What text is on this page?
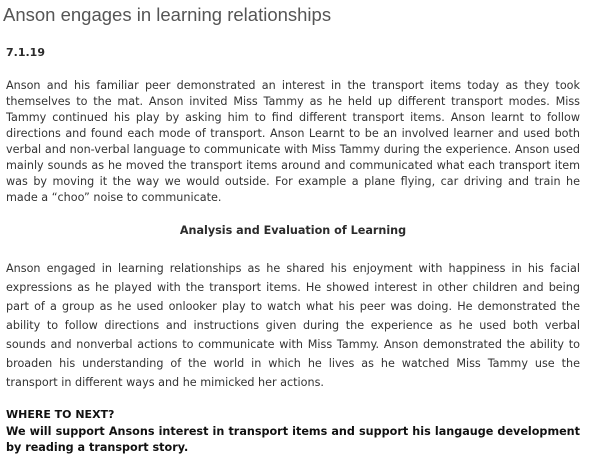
Anson engages in learning relationships
7.1.19

Anson and his familiar peer demonstrated an interest in the transport items today as they took themselves to the mat. Anson invited Miss Tammy as he held up different transport modes. Miss Tammy continued his play by asking him to find different transport items. Anson learnt to follow directions and found each mode of transport. Anson Learnt to be an involved learner and used both verbal and non-verbal language to communicate with Miss Tammy during the experience. Anson used mainly sounds as he moved the transport items around and communicated what each transport item was by moving it the way we would outside. For example a plane flying, car driving and train he made a “choo” noise to communicate.

Analysis and Evaluation of Learning

Anson engaged in learning relationships as he shared his enjoyment with happiness in his facial expressions as he played with the transport items. He showed interest in other children and being part of a group as he used onlooker play to watch what his peer was doing. He demonstrated the ability to follow directions and instructions given during the experience as he used both verbal sounds and nonverbal actions to communicate with Miss Tammy. Anson demonstrated the ability to broaden his understanding of the world in which he lives as he watched Miss Tammy use the transport in different ways and he mimicked her actions.

WHERE TO NEXT?

We will support Ansons interest in transport items and support his langauge development by reading a transport story.
